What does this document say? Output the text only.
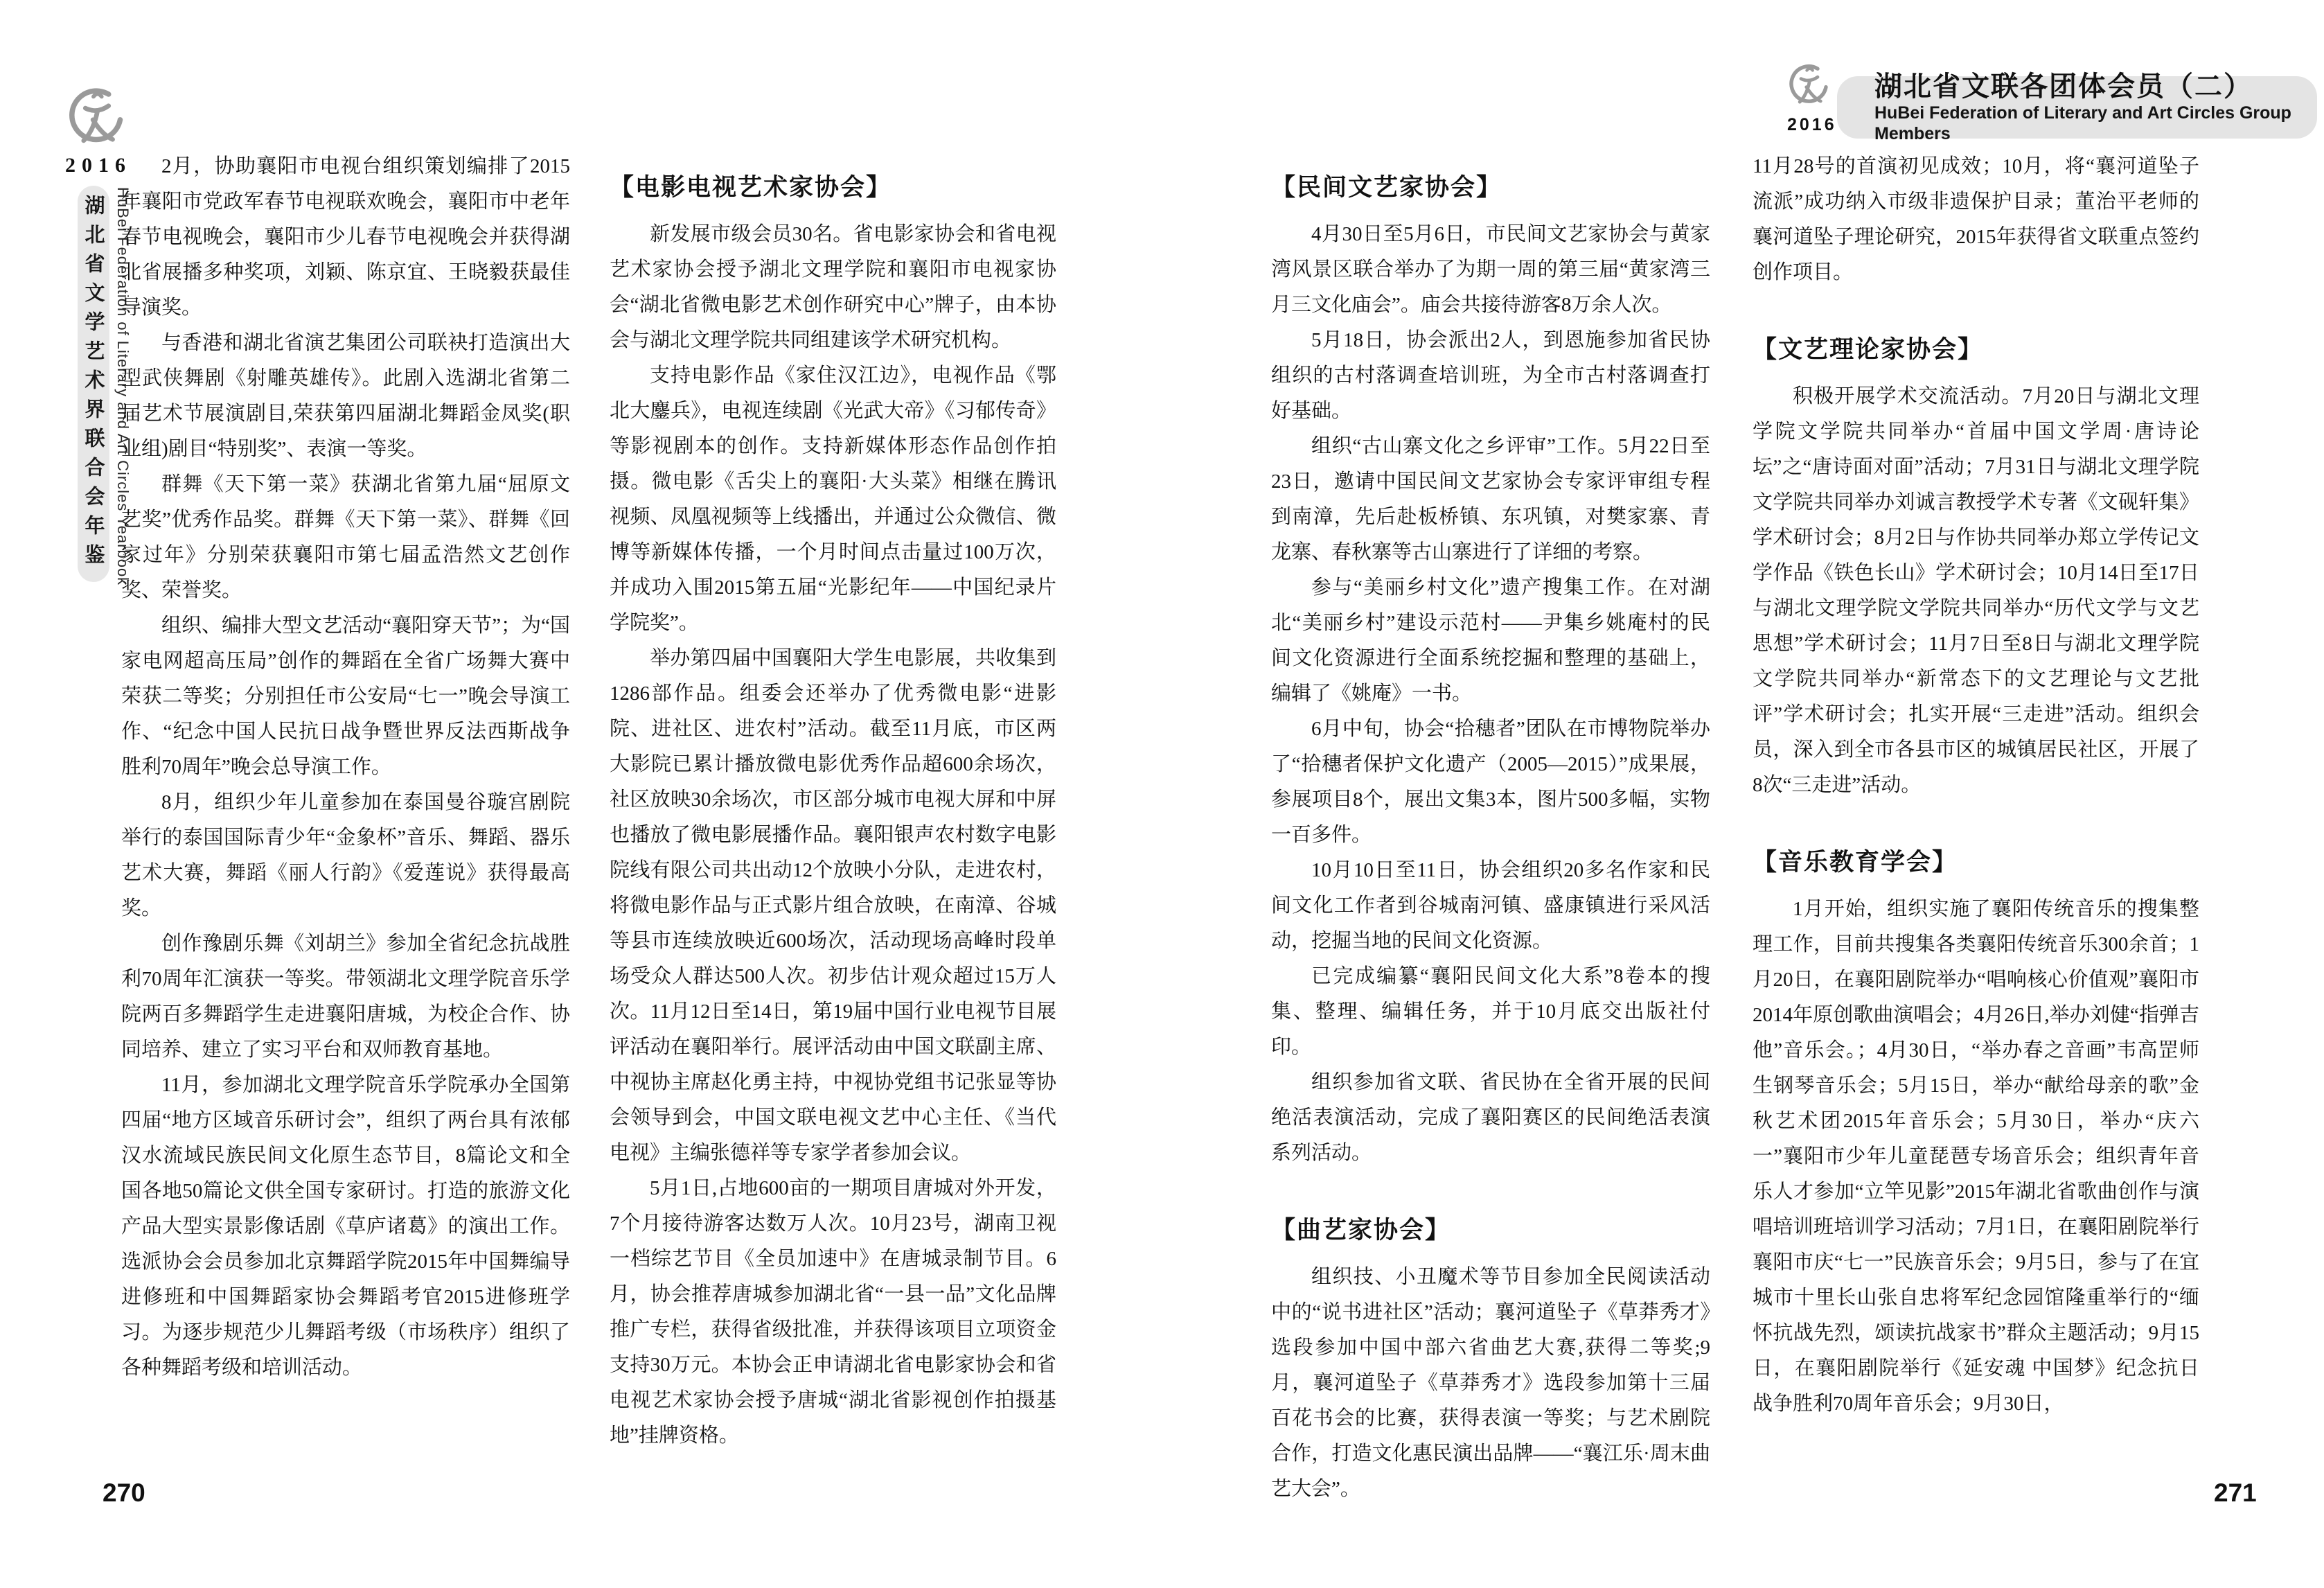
2016
湖北省文学艺术界联合会年鉴 HuBei Federation of Literary and Art Circles Yearbook

2月，协助襄阳市电视台组织策划编排了2015年襄阳市党政军春节电视联欢晚会，襄阳市中老年春节电视晚会，襄阳市少儿春节电视晚会并获得湖北省展播多种奖项，刘颖、陈京宜、王晓毅获最佳导演奖。

与香港和湖北省演艺集团公司联袂打造演出大型武侠舞剧《射雕英雄传》。此剧入选湖北省第二届艺术节展演剧目,荣获第四届湖北舞蹈金凤奖(职业组)剧目“特别奖”、表演一等奖。

群舞《天下第一菜》获湖北省第九届“屈原文艺奖”优秀作品奖。群舞《天下第一菜》、群舞《回家过年》分别荣获襄阳市第七届孟浩然文艺创作奖、荣誉奖。

组织、编排大型文艺活动“襄阳穿天节”；为“国家电网超高压局”创作的舞蹈在全省广场舞大赛中荣获二等奖；分别担任市公安局“七一”晚会导演工作、“纪念中国人民抗日战争暨世界反法西斯战争胜利70周年”晚会总导演工作。

8月，组织少年儿童参加在泰国曼谷璇宫剧院举行的泰国国际青少年“金象杯”音乐、舞蹈、器乐艺术大赛，舞蹈《丽人行韵》《爱莲说》获得最高奖。

创作豫剧乐舞《刘胡兰》参加全省纪念抗战胜利70周年汇演获一等奖。带领湖北文理学院音乐学院两百多舞蹈学生走进襄阳唐城，为校企合作、协同培养、建立了实习平台和双师教育基地。

11月，参加湖北文理学院音乐学院承办全国第四届“地方区域音乐研讨会”，组织了两台具有浓郁汉水流域民族民间文化原生态节目，8篇论文和全国各地50篇论文供全国专家研讨。打造的旅游文化产品大型实景影像话剧《草庐诸葛》的演出工作。选派协会会员参加北京舞蹈学院2015年中国舞编导进修班和中国舞蹈家协会舞蹈考官2015进修班学习。为逐步规范少儿舞蹈考级（市场秩序）组织了各种舞蹈考级和培训活动。

【电影电视艺术家协会】

新发展市级会员30名。省电影家协会和省电视艺术家协会授予湖北文理学院和襄阳市电视家协会“湖北省微电影艺术创作研究中心”牌子，由本协会与湖北文理学院共同组建该学术研究机构。

支持电影作品《家住汉江边》，电视作品《鄂北大鏖兵》，电视连续剧《光武大帝》《习郁传奇》等影视剧本的创作。支持新媒体形态作品创作拍摄。微电影《舌尖上的襄阳·大头菜》相继在腾讯视频、凤凰视频等上线播出，并通过公众微信、微博等新媒体传播，一个月时间点击量过100万次，并成功入围2015第五届“光影纪年——中国纪录片学院奖”。

举办第四届中国襄阳大学生电影展，共收集到1286部作品。组委会还举办了优秀微电影“进影院、进社区、进农村”活动。截至11月底，市区两大影院已累计播放微电影优秀作品超600余场次，社区放映30余场次，市区部分城市电视大屏和中屏也播放了微电影展播作品。襄阳银声农村数字电影院线有限公司共出动12个放映小分队，走进农村，将微电影作品与正式影片组合放映，在南漳、谷城等县市连续放映近600场次，活动现场高峰时段单场受众人群达500人次。初步估计观众超过15万人次。11月12日至14日，第19届中国行业电视节目展评活动在襄阳举行。展评活动由中国文联副主席、中视协主席赵化勇主持，中视协党组书记张显等协会领导到会，中国文联电视文艺中心主任、《当代电视》主编张德祥等专家学者参加会议。

5月1日,占地600亩的一期项目唐城对外开发，7个月接待游客达数万人次。10月23号，湖南卫视一档综艺节目《全员加速中》在唐城录制节目。6月，协会推荐唐城参加湖北省“一县一品”文化品牌推广专栏，获得省级批准，并获得该项目立项资金支持30万元。本协会正申请湖北省电影家协会和省电视艺术家协会授予唐城“湖北省影视创作拍摄基地”挂牌资格。

270
2016
湖北省文联各团体会员（二）
HuBei Federation of Literary and Art Circles Group Members
【民间文艺家协会】

4月30日至5月6日，市民间文艺家协会与黄家湾风景区联合举办了为期一周的第三届“黄家湾三月三文化庙会”。庙会共接待游客8万余人次。

5月18日，协会派出2人，到恩施参加省民协组织的古村落调查培训班，为全市古村落调查打好基础。

组织“古山寨文化之乡评审”工作。5月22日至23日，邀请中国民间文艺家协会专家评审组专程到南漳，先后赴板桥镇、东巩镇，对樊家寨、青龙寨、春秋寨等古山寨进行了详细的考察。

参与“美丽乡村文化”遗产搜集工作。在对湖北“美丽乡村”建设示范村——尹集乡姚庵村的民间文化资源进行全面系统挖掘和整理的基础上，编辑了《姚庵》一书。

6月中旬，协会“拾穗者”团队在市博物院举办了“拾穗者保护文化遗产（2005—2015）”成果展，参展项目8个，展出文集3本，图片500多幅，实物一百多件。

10月10日至11日，协会组织20多名作家和民间文化工作者到谷城南河镇、盛康镇进行采风活动，挖掘当地的民间文化资源。

已完成编纂“襄阳民间文化大系”8卷本的搜集、整理、编辑任务，并于10月底交出版社付印。

组织参加省文联、省民协在全省开展的民间绝活表演活动，完成了襄阳赛区的民间绝活表演系列活动。

【曲艺家协会】

组织技、小丑魔术等节目参加全民阅读活动中的“说书进社区”活动；襄河道坠子《草莽秀才》选段参加中国中部六省曲艺大赛,获得二等奖;9月，襄河道坠子《草莽秀才》选段参加第十三届百花书会的比赛，获得表演一等奖；与艺术剧院合作，打造文化惠民演出品牌——“襄江乐·周末曲艺大会”。

11月28号的首演初见成效；10月，将“襄河道坠子流派”成功纳入市级非遗保护目录；董治平老师的襄河道坠子理论研究，2015年获得省文联重点签约创作项目。

【文艺理论家协会】

积极开展学术交流活动。7月20日与湖北文理学院文学院共同举办“首届中国文学周·唐诗论坛”之“唐诗面对面”活动；7月31日与湖北文理学院文学院共同举办刘诚言教授学术专著《文砚轩集》学术研讨会；8月2日与作协共同举办郑立学传记文学作品《铁色长山》学术研讨会；10月14日至17日与湖北文理学院文学院共同举办“历代文学与文艺思想”学术研讨会；11月7日至8日与湖北文理学院文学院共同举办“新常态下的文艺理论与文艺批评”学术研讨会；扎实开展“三走进”活动。组织会员，深入到全市各县市区的城镇居民社区，开展了8次“三走进”活动。

【音乐教育学会】

1月开始，组织实施了襄阳传统音乐的搜集整理工作，目前共搜集各类襄阳传统音乐300余首；1月20日，在襄阳剧院举办“唱响核心价值观”襄阳市2014年原创歌曲演唱会；4月26日,举办刘健“指弹吉他”音乐会。；4月30日，“举办春之音画”韦高罡师生钢琴音乐会；5月15日，举办“献给母亲的歌”金秋艺术团2015年音乐会；5月30日，举办“庆六一”襄阳市少年儿童琵琶专场音乐会；组织青年音乐人才参加“立竿见影”2015年湖北省歌曲创作与演唱培训班培训学习活动；7月1日，在襄阳剧院举行襄阳市庆“七一”民族音乐会；9月5日，参与了在宜城市十里长山张自忠将军纪念园馆隆重举行的“缅怀抗战先烈，颂读抗战家书”群众主题活动；9月15日，在襄阳剧院举行《延安魂 中国梦》纪念抗日战争胜利70周年音乐会；9月30日，

271
